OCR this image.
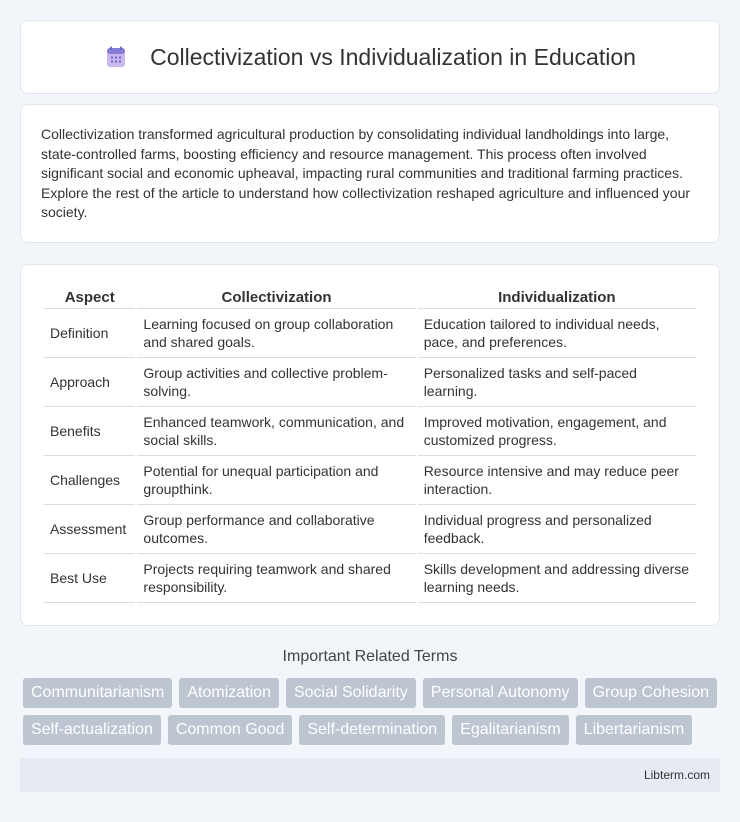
Collectivization vs Individualization in Education

Collectivization transformed agricultural production by consolidating individual landholdings into large, state-controlled farms, boosting efficiency and resource management. This process often involved significant social and economic upheaval, impacting rural communities and traditional farming practices. Explore the rest of the article to understand how collectivization reshaped agriculture and influenced your society.

Aspect	Collectivization	Individualization
Definition	Learning focused on group collaboration and shared goals.	Education tailored to individual needs, pace, and preferences.
Approach	Group activities and collective problem-solving.	Personalized tasks and self-paced learning.
Benefits	Enhanced teamwork, communication, and social skills.	Improved motivation, engagement, and customized progress.
Challenges	Potential for unequal participation and groupthink.	Resource intensive and may reduce peer interaction.
Assessment	Group performance and collaborative outcomes.	Individual progress and personalized feedback.
Best Use	Projects requiring teamwork and shared responsibility.	Skills development and addressing diverse learning needs.
Important Related Terms
Communitarianism	Atomization	Social Solidarity	Personal Autonomy	Group Cohesion
Self-actualization	Common Good	Self-determination	Egalitarianism	Libertarianism
Libterm.com
